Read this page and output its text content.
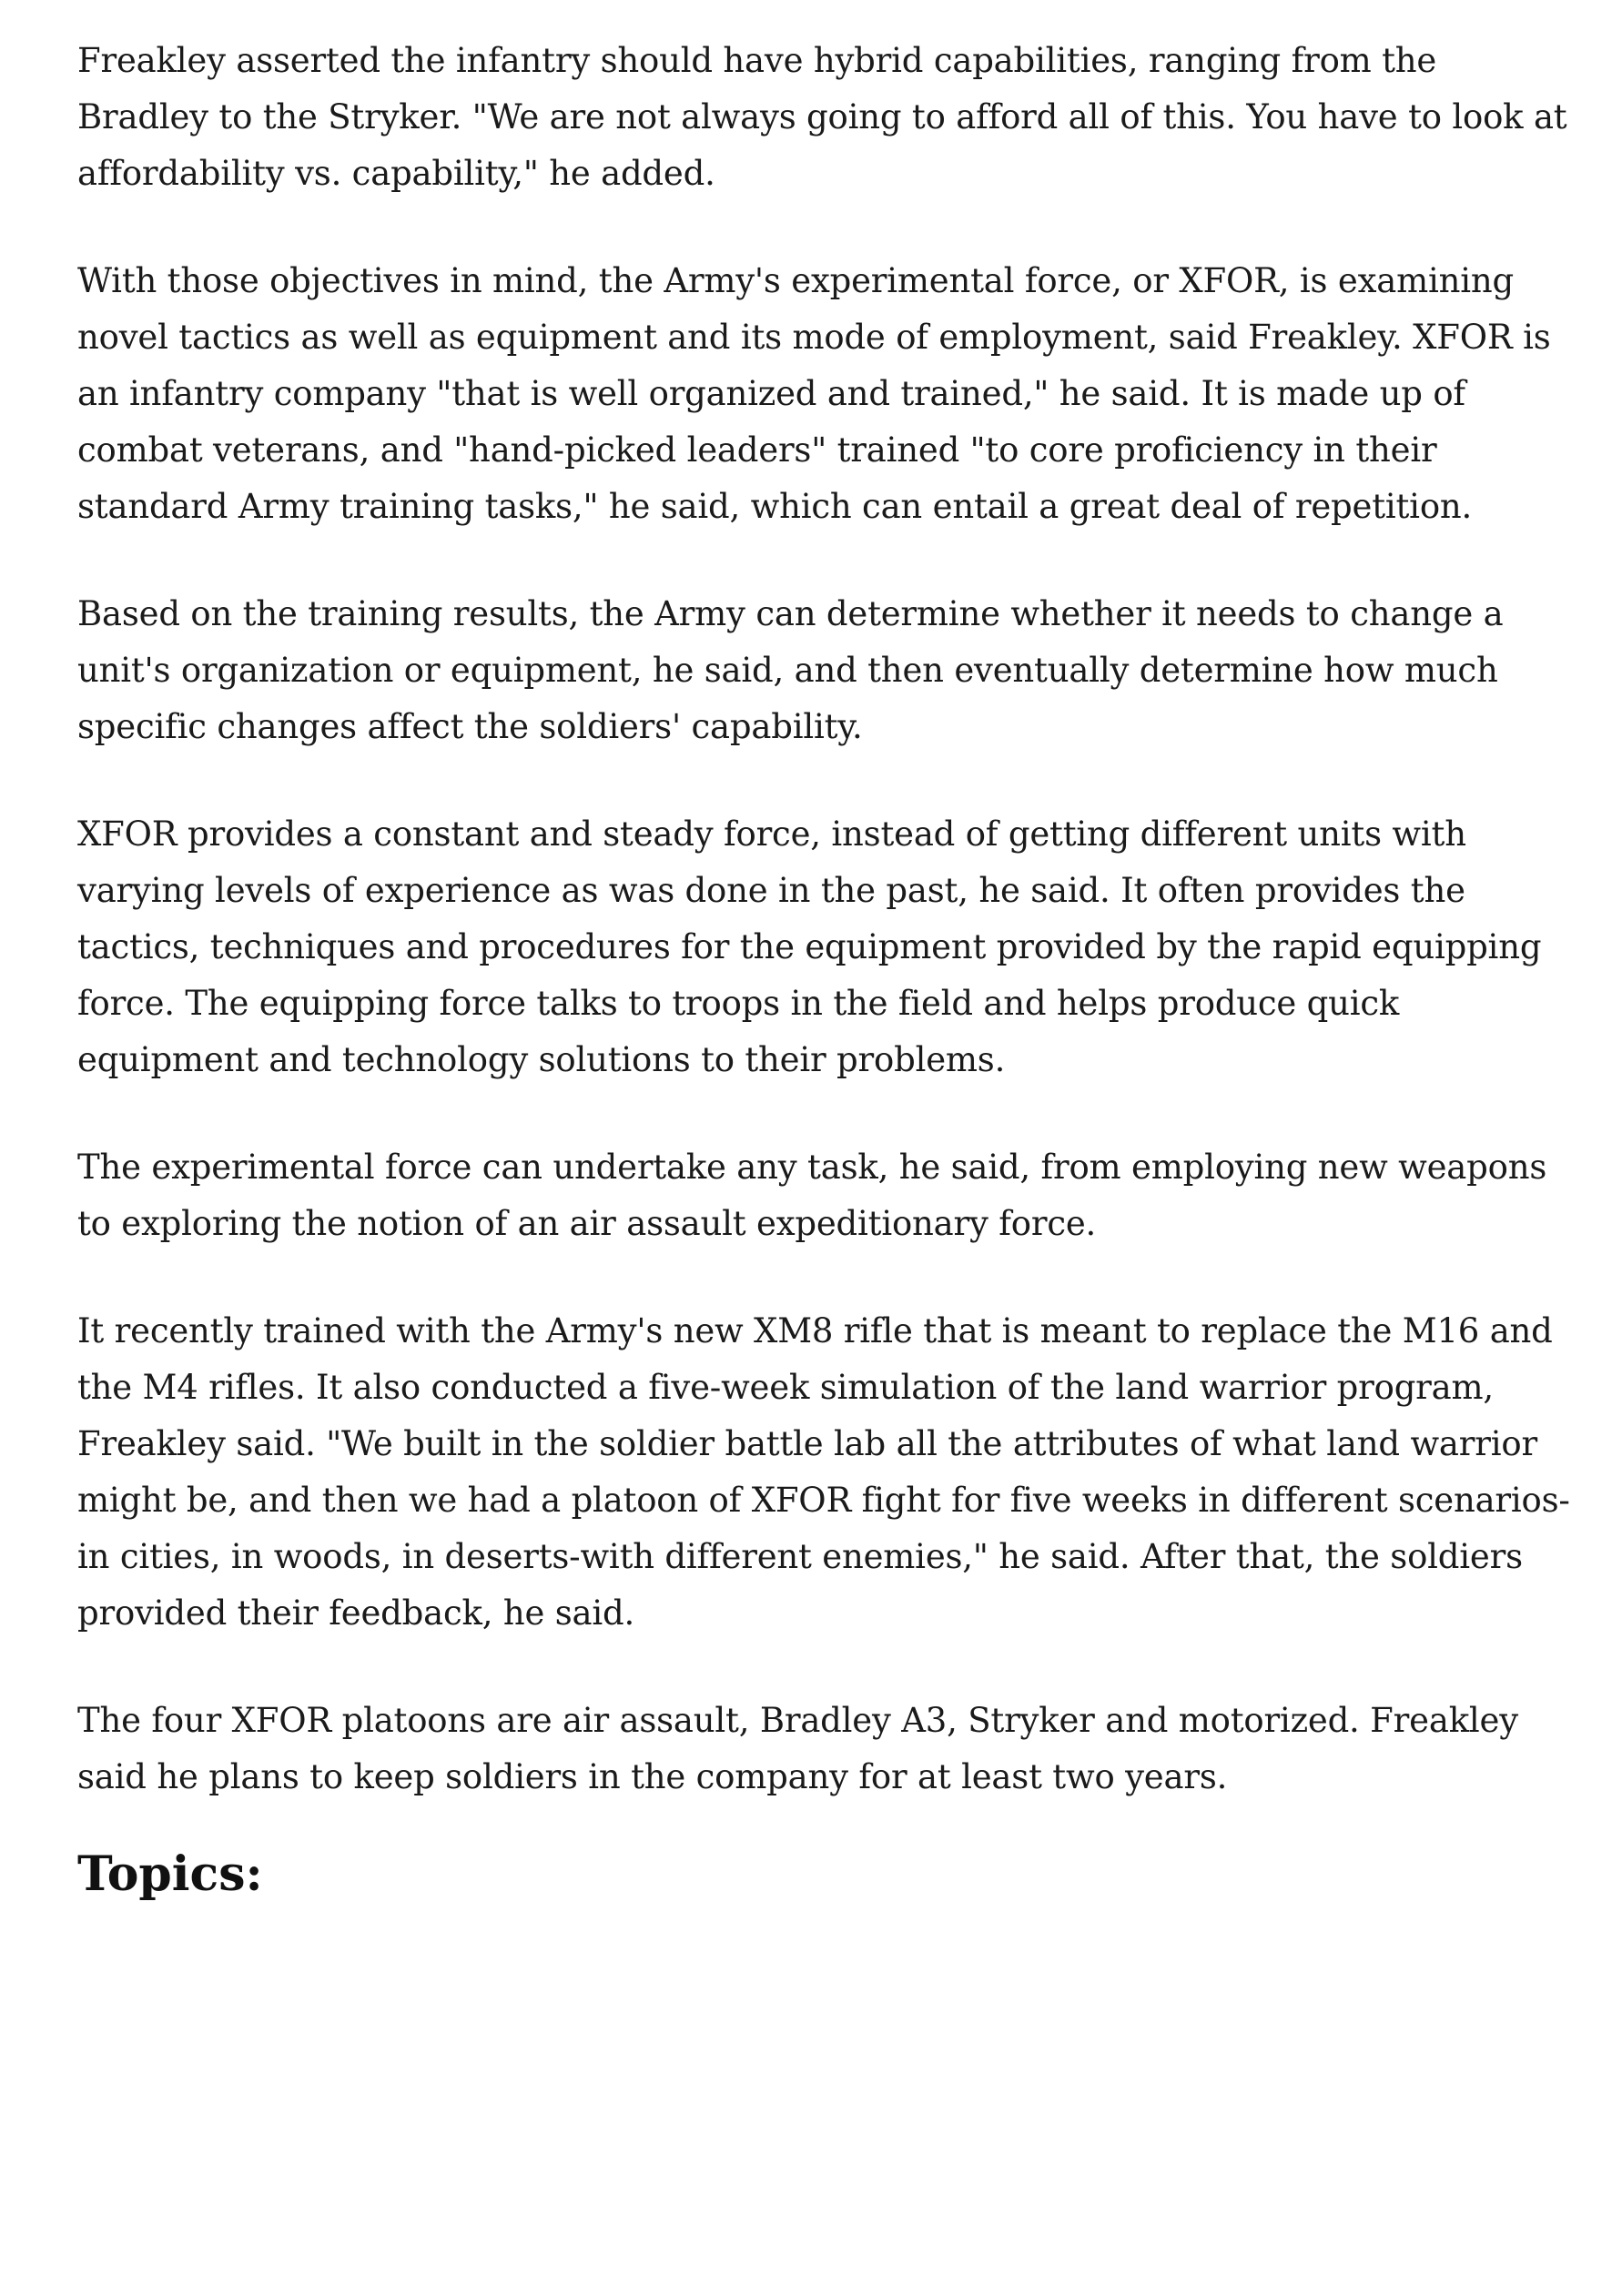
Freakley asserted the infantry should have hybrid capabilities, ranging from the Bradley to the Stryker. "We are not always going to afford all of this. You have to look at affordability vs. capability," he added.

With those objectives in mind, the Army's experimental force, or XFOR, is examining novel tactics as well as equipment and its mode of employment, said Freakley. XFOR is an infantry company "that is well organized and trained," he said. It is made up of combat veterans, and "hand-picked leaders" trained "to core proficiency in their standard Army training tasks," he said, which can entail a great deal of repetition.

Based on the training results, the Army can determine whether it needs to change a unit's organization or equipment, he said, and then eventually determine how much specific changes affect the soldiers' capability.

XFOR provides a constant and steady force, instead of getting different units with varying levels of experience as was done in the past, he said. It often provides the tactics, techniques and procedures for the equipment provided by the rapid equipping force. The equipping force talks to troops in the field and helps produce quick equipment and technology solutions to their problems.

The experimental force can undertake any task, he said, from employing new weapons to exploring the notion of an air assault expeditionary force.

It recently trained with the Army's new XM8 rifle that is meant to replace the M16 and the M4 rifles. It also conducted a five-week simulation of the land warrior program, Freakley said. "We built in the soldier battle lab all the attributes of what land warrior might be, and then we had a platoon of XFOR fight for five weeks in different scenarios-in cities, in woods, in deserts-with different enemies," he said. After that, the soldiers provided their feedback, he said.

The four XFOR platoons are air assault, Bradley A3, Stryker and motorized. Freakley said he plans to keep soldiers in the company for at least two years.

Topics:
